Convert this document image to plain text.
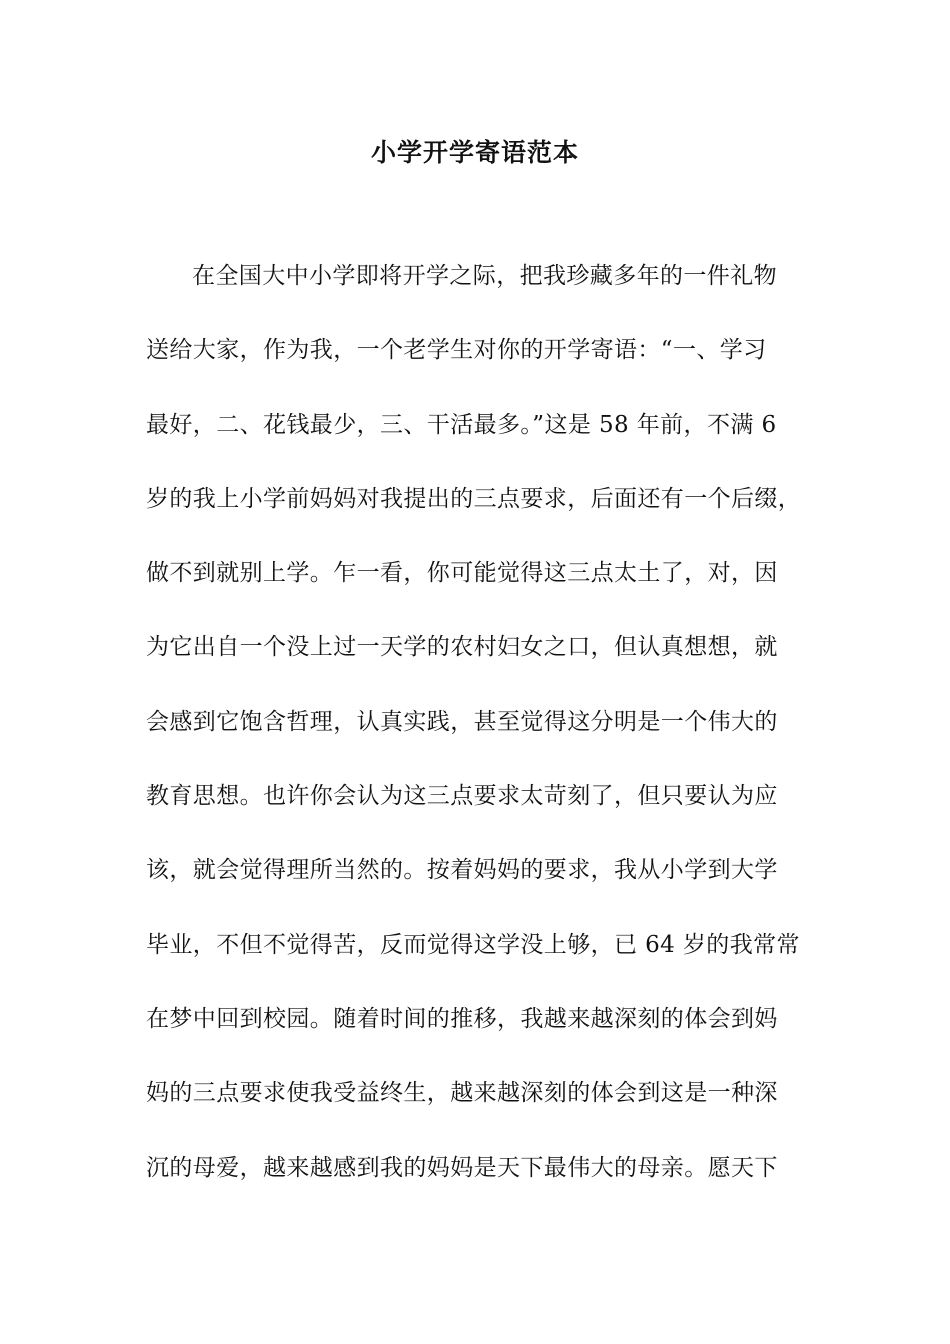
小学开学寄语范本
在全国大中小学即将开学之际，把我珍藏多年的一件礼物
送给大家，作为我，一个老学生对你的开学寄语：“一、学习
最好，二、花钱最少，三、干活最多。”这是 58 年前，不满 6
岁的我上小学前妈妈对我提出的三点要求，后面还有一个后缀，
做不到就别上学。乍一看，你可能觉得这三点太土了，对，因
为它出自一个没上过一天学的农村妇女之口，但认真想想，就
会感到它饱含哲理，认真实践，甚至觉得这分明是一个伟大的
教育思想。也许你会认为这三点要求太苛刻了，但只要认为应
该，就会觉得理所当然的。按着妈妈的要求，我从小学到大学
毕业，不但不觉得苦，反而觉得这学没上够，已 64 岁的我常常
在梦中回到校园。随着时间的推移，我越来越深刻的体会到妈
妈的三点要求使我受益终生，越来越深刻的体会到这是一种深
沉的母爱，越来越感到我的妈妈是天下最伟大的母亲。愿天下
